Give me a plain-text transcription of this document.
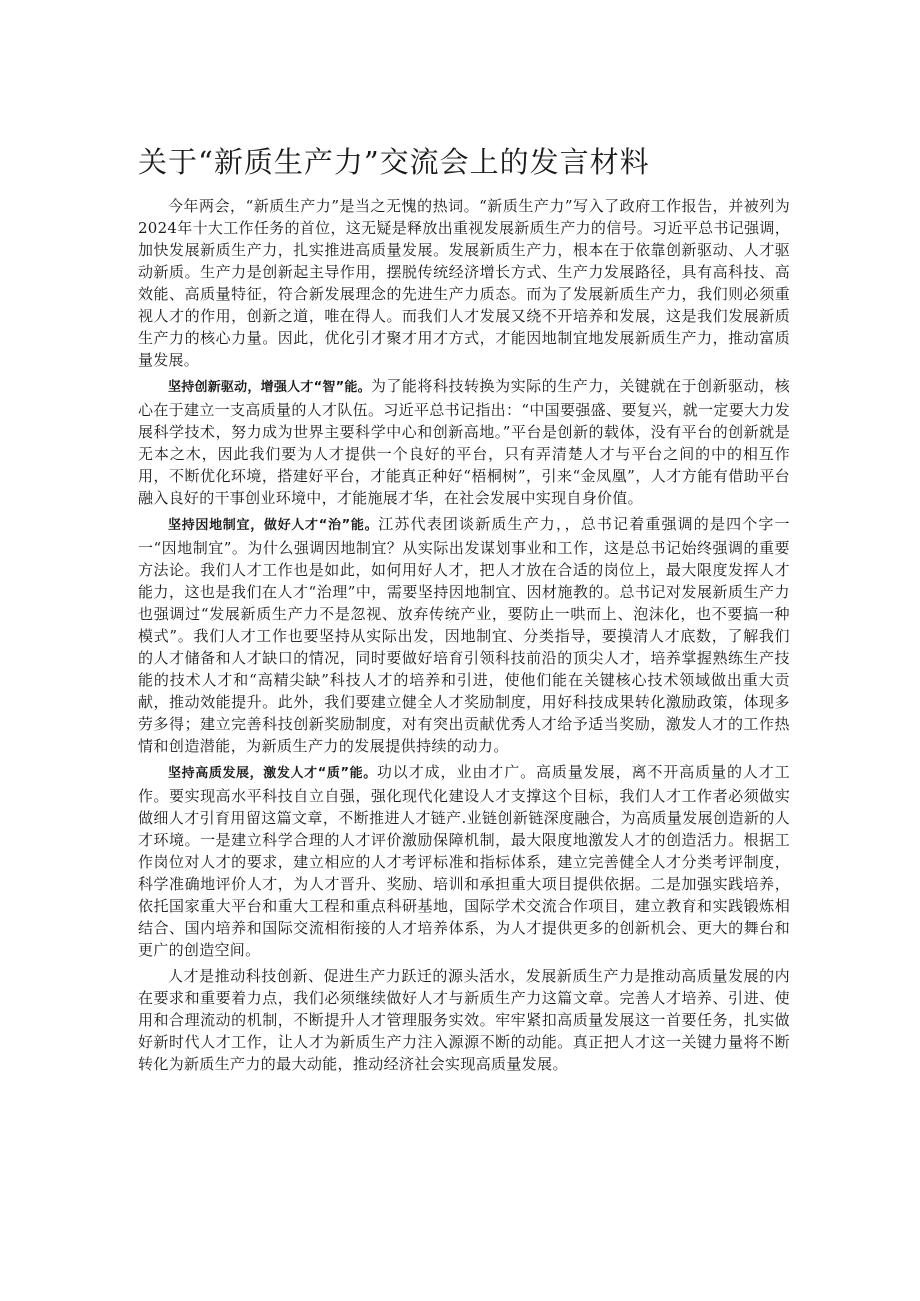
关于“新质生产力”交流会上的发言材料

今年两会，“新质生产力”是当之无愧的热词。“新质生产力”写入了政府工作报告，并被列为2024年十大工作任务的首位，这无疑是释放出重视发展新质生产力的信号。习近平总书记强调，加快发展新质生产力，扎实推进高质量发展。发展新质生产力，根本在于依靠创新驱动、人才驱动新质。生产力是创新起主导作用，摆脱传统经济增长方式、生产力发展路径，具有高科技、高效能、高质量特征，符合新发展理念的先进生产力质态。而为了发展新质生产力，我们则必须重视人才的作用，创新之道，唯在得人。而我们人才发展又绕不开培养和发展，这是我们发展新质生产力的核心力量。因此，优化引才聚才用才方式，才能因地制宜地发展新质生产力，推动富质量发展。

坚持创新驱动，增强人才“智”能。为了能将科技转换为实际的生产力，关键就在于创新驱动，核心在于建立一支高质量的人才队伍。习近平总书记指出：“中国要强盛、要复兴，就一定要大力发展科学技术，努力成为世界主要科学中心和创新高地。”平台是创新的载体，没有平台的创新就是无本之木，因此我们要为人才提供一个良好的平台，只有弄清楚人才与平台之间的中的相互作用，不断优化环境，搭建好平台，才能真正种好“梧桐树”，引来“金凤凰”，人才方能有借助平台融入良好的干事创业环境中，才能施展才华，在社会发展中实现自身价值。

坚持因地制宜，做好人才“治”能。江苏代表团谈新质生产力，，总书记着重强调的是四个字一一“因地制宜”。为什么强调因地制宜？从实际出发谋划事业和工作，这是总书记始终强调的重要方法论。我们人才工作也是如此，如何用好人才，把人才放在合适的岗位上，最大限度发挥人才能力，这也是我们在人才“治理”中，需要坚持因地制宜、因材施教的。总书记对发展新质生产力也强调过“发展新质生产力不是忽视、放弃传统产业，要防止一哄而上、泡沫化，也不要搞一种模式”。我们人才工作也要坚持从实际出发，因地制宜、分类指导，要摸清人才底数，了解我们的人才储备和人才缺口的情况，同时要做好培育引领科技前沿的顶尖人才，培养掌握熟练生产技能的技术人才和“高精尖缺”科技人才的培养和引进，使他们能在关键核心技术领域做出重大贡献，推动效能提升。此外，我们要建立健全人才奖励制度，用好科技成果转化激励政策，体现多劳多得；建立完善科技创新奖励制度，对有突出贡献优秀人才给予适当奖励，激发人才的工作热情和创造潜能，为新质生产力的发展提供持续的动力。

坚持高质发展，激发人才“质”能。功以才成，业由才广。高质量发展，离不开高质量的人才工作。要实现高水平科技自立自强，强化现代化建设人才支撑这个目标，我们人才工作者必须做实做细人才引育用留这篇文章，不断推进人才链产.业链创新链深度融合，为高质量发展创造新的人才环境。一是建立科学合理的人才评价激励保障机制，最大限度地激发人才的创造活力。根据工作岗位对人才的要求，建立相应的人才考评标准和指标体系，建立完善健全人才分类考评制度，科学准确地评价人才，为人才晋升、奖励、培训和承担重大项目提供依据。二是加强实践培养，依托国家重大平台和重大工程和重点科研基地，国际学术交流合作项目，建立教育和实践锻炼相结合、国内培养和国际交流相衔接的人才培养体系，为人才提供更多的创新机会、更大的舞台和更广的创造空间。

人才是推动科技创新、促进生产力跃迁的源头活水，发展新质生产力是推动高质量发展的内在要求和重要着力点，我们必须继续做好人才与新质生产力这篇文章。完善人才培养、引进、使用和合理流动的机制，不断提升人才管理服务实效。牢牢紧扣高质量发展这一首要任务，扎实做好新时代人才工作，让人才为新质生产力注入源源不断的动能。真正把人才这一关键力量将不断转化为新质生产力的最大动能，推动经济社会实现高质量发展。
